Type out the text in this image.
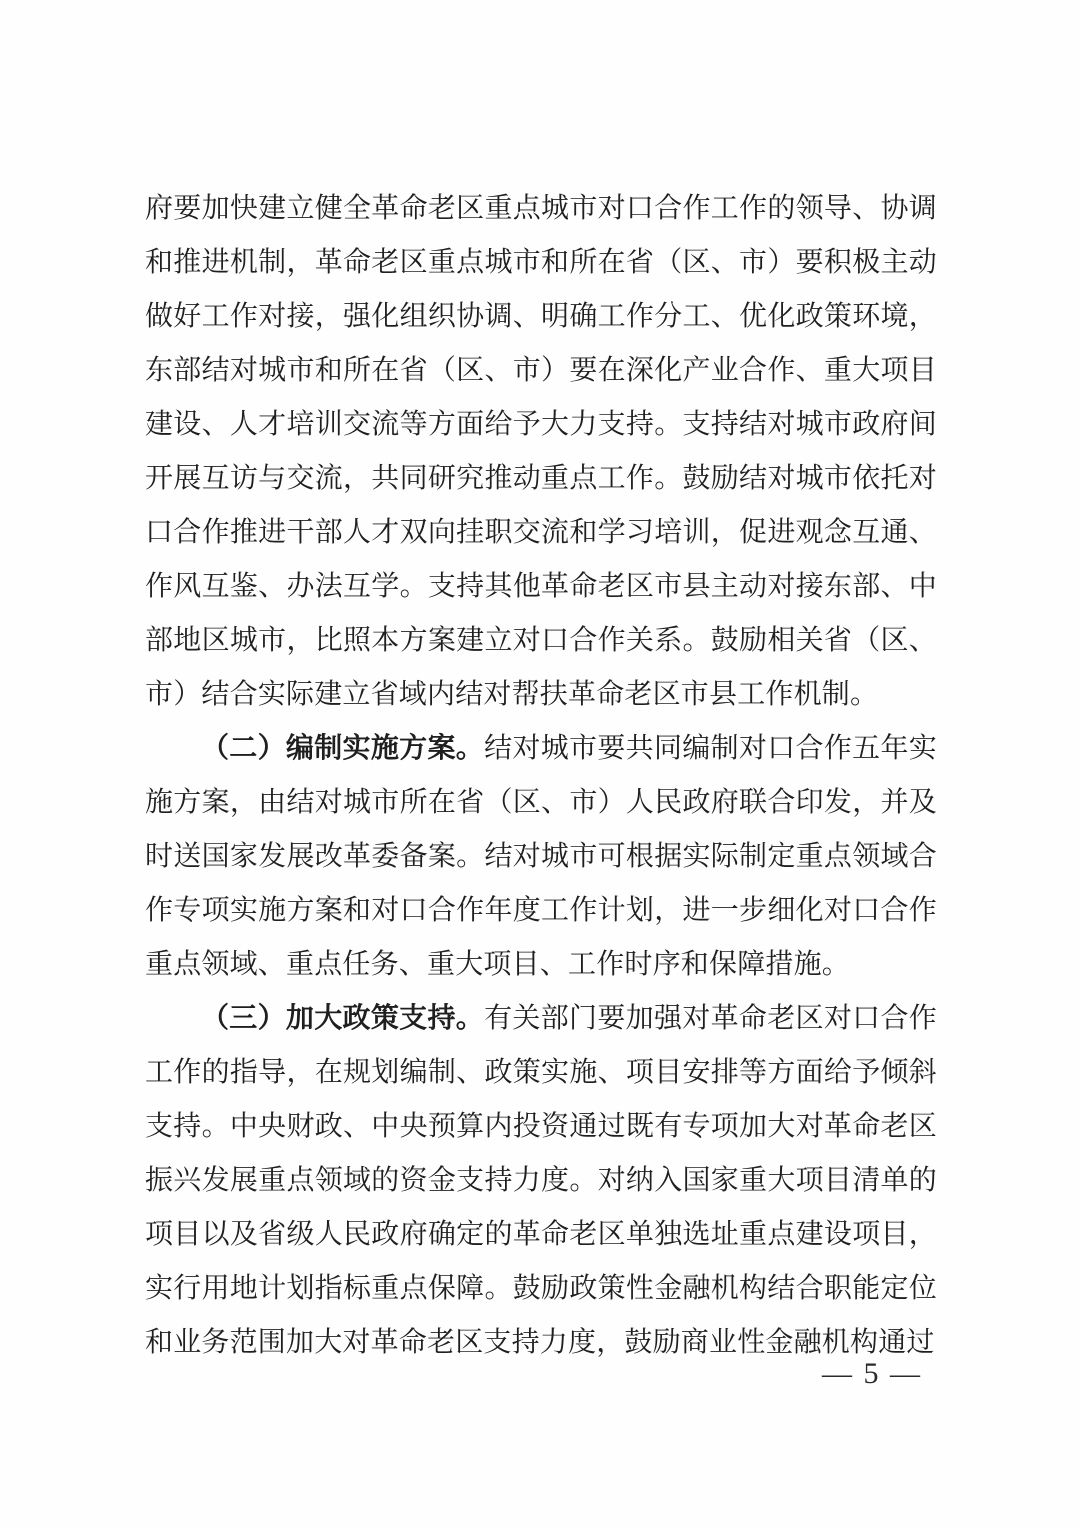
府要加快建立健全革命老区重点城市对口合作工作的领导、协调和推进机制，革命老区重点城市和所在省（区、市）要积极主动做好工作对接，强化组织协调、明确工作分工、优化政策环境，东部结对城市和所在省（区、市）要在深化产业合作、重大项目建设、人才培训交流等方面给予大力支持。支持结对城市政府间开展互访与交流，共同研究推动重点工作。鼓励结对城市依托对口合作推进干部人才双向挂职交流和学习培训，促进观念互通、作风互鉴、办法互学。支持其他革命老区市县主动对接东部、中部地区城市，比照本方案建立对口合作关系。鼓励相关省（区、市）结合实际建立省域内结对帮扶革命老区市县工作机制。

（二）编制实施方案。结对城市要共同编制对口合作五年实施方案，由结对城市所在省（区、市）人民政府联合印发，并及时送国家发展改革委备案。结对城市可根据实际制定重点领域合作专项实施方案和对口合作年度工作计划，进一步细化对口合作重点领域、重点任务、重大项目、工作时序和保障措施。

（三）加大政策支持。有关部门要加强对革命老区对口合作工作的指导，在规划编制、政策实施、项目安排等方面给予倾斜支持。中央财政、中央预算内投资通过既有专项加大对革命老区振兴发展重点领域的资金支持力度。对纳入国家重大项目清单的项目以及省级人民政府确定的革命老区单独选址重点建设项目，实行用地计划指标重点保障。鼓励政策性金融机构结合职能定位和业务范围加大对革命老区支持力度，鼓励商业性金融机构通过

— 5 —
